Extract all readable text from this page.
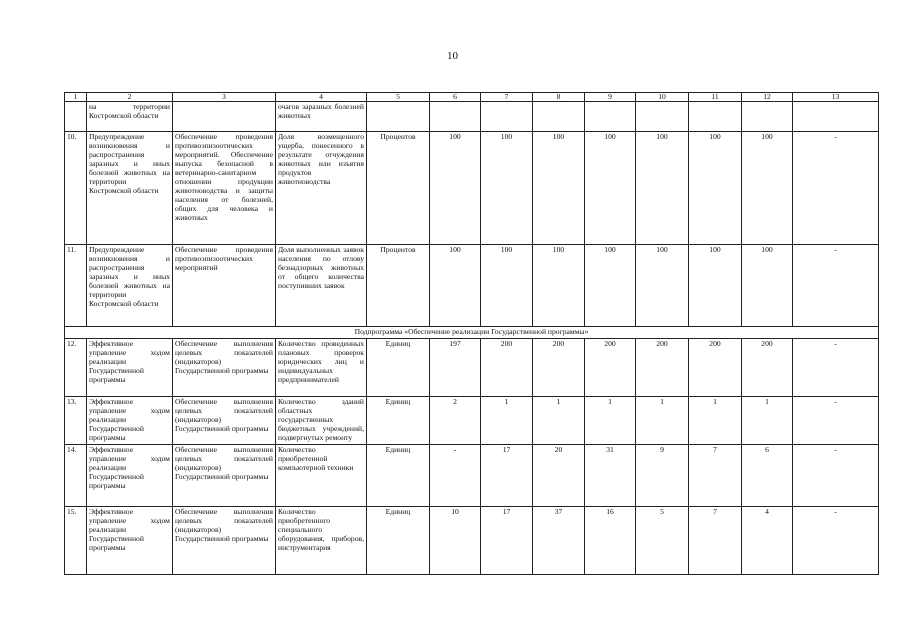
10
1	2	3	4	5	6	7	8	9	10	11	12	13
	на территории Костромской области		очагов заразных болезней животных									
10.	Предупреждение возникновения и распространения заразных и иных болезней животных на территории Костромской области	Обеспечение проведения противоэпизоотических мероприятий. Обеспечение выпуска безопасной в ветеринарно-санитарном отношении продукции животноводства и защиты населения от болезней, общих для человека и животных	Доля возмещенного ущерба, понесенного в результате отчуждения животных или изъятия продуктов животноводства	Процентов	100	100	100	100	100	100	100	-
11.	Предупреждение возникновения и распространения заразных и иных болезней животных на территории Костромской области	Обеспечение проведения противоэпизоотических мероприятий	Доля выполненных заявок населения по отлову безнадзорных животных от общего количества поступивших заявок	Процентов	100	100	100	100	100	100	100	-
Подпрограмма «Обеспечение реализации Государственной программы»												
12.	Эффективное управление ходом реализации Государственной программы	Обеспечение выполнения целевых показателей (индикаторов) Государственной программы	Количество проведенных плановых проверок юридических лиц и индивидуальных предпринимателей	Единиц	197	200	200	200	200	200	200	-
13.	Эффективное управление ходом реализации Государственной программы	Обеспечение выполнения целевых показателей (индикаторов) Государственной программы	Количество зданий областных государственных бюджетных учреждений, подвергнутых ремонту	Единиц	2	1	1	1	1	1	1	-
14.	Эффективное управление ходом реализации Государственной программы	Обеспечение выполнения целевых показателей (индикаторов) Государственной программы	Количество приобретенной компьютерной техники	Единиц	-	17	20	31	9	7	6	-
15.	Эффективное управление ходом реализации Государственной программы	Обеспечение выполнения целевых показателей (индикаторов) Государственной программы	Количество приобретенного специального оборудования, приборов, инструментария	Единиц	10	17	37	16	5	7	4	-
